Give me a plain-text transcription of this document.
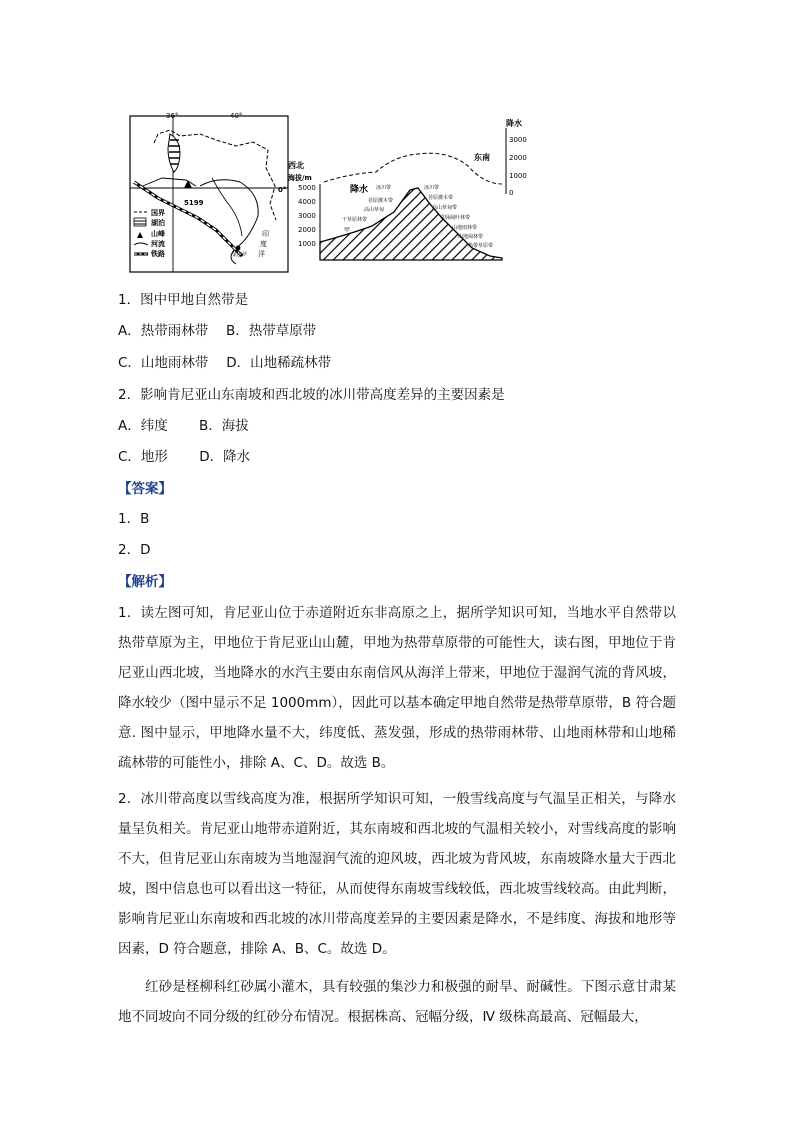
36°	40°
0°
5199
印
度
洋
蒙巴萨
国界
湖泊
山峰
河流
铁路
西北
海拔/m
5000
4000
3000
2000
1000
降水
3000
2000
1000
0
东南
降水 冰川带
苔原灌木带
高山草甸
干草原林带
甲
冰川带
苔原灌木带
高山草甸带
常绿阔叶林带
山地雨林带
山地阔林带
热带草原带
1．图中甲地自然带是
A．热带雨林带　 B．热带草原带
C．山地雨林带　 D．山地稀疏林带
2．影响肯尼亚山东南坡和西北坡的冰川带高度差异的主要因素是
A．纬度　　 B．海拔
C．地形　　 D．降水
【答案】
1．B
2．D
【解析】
1．读左图可知，肯尼亚山位于赤道附近东非高原之上，据所学知识可知，当地水平自然带以热带草原为主，甲地位于肯尼亚山山麓，甲地为热带草原带的可能性大，读右图，甲地位于肯尼亚山西北坡，当地降水的水汽主要由东南信风从海洋上带来，甲地位于湿润气流的背风坡，降水较少（图中显示不足 1000mm），因此可以基本确定甲地自然带是热带草原带，B 符合题意. 图中显示，甲地降水量不大，纬度低、蒸发强，形成的热带雨林带、山地雨林带和山地稀疏林带的可能性小，排除 A、C、D。故选 B。
2．冰川带高度以雪线高度为准，根据所学知识可知，一般雪线高度与气温呈正相关，与降水量呈负相关。肯尼亚山地带赤道附近，其东南坡和西北坡的气温相关较小，对雪线高度的影响不大，但肯尼亚山东南坡为当地湿润气流的迎风坡，西北坡为背风坡，东南坡降水量大于西北坡，图中信息也可以看出这一特征，从而使得东南坡雪线较低，西北坡雪线较高。由此判断，影响肯尼亚山东南坡和西北坡的冰川带高度差异的主要因素是降水，不是纬度、海拔和地形等因素，D 符合题意，排除 A、B、C。故选 D。
红砂是柽柳科红砂属小灌木，具有较强的集沙力和极强的耐旱、耐碱性。下图示意甘肃某地不同坡向不同分级的红砂分布情况。根据株高、冠幅分级，Ⅳ 级株高最高、冠幅最大，
